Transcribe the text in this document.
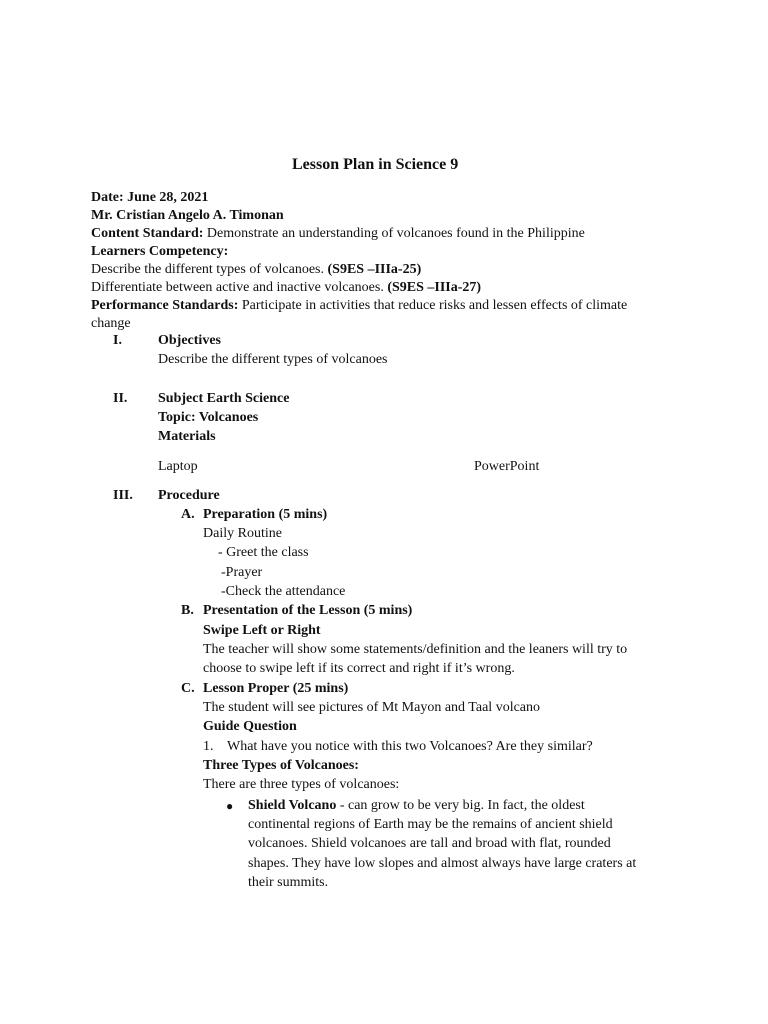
Lesson Plan in Science 9
Date: June 28, 2021
Mr. Cristian Angelo A. Timonan
Content Standard: Demonstrate an understanding of volcanoes found in the Philippine
Learners Competency:
Describe the different types of volcanoes. (S9ES –IIIa-25)
Differentiate between active and inactive volcanoes. (S9ES –IIIa-27)
Performance Standards: Participate in activities that reduce risks and lessen effects of climate
change
I.	Objectives
Describe the different types of volcanoes
II. Subject Earth Science
Topic: Volcanoes
Materials
Laptop	PowerPoint
III. Procedure
A. Preparation (5 mins)
Daily Routine
- Greet the class
-Prayer
-Check the attendance
B. Presentation of the Lesson (5 mins)
Swipe Left or Right
The teacher will show some statements/definition and the leaners will try to
choose to swipe left if its correct and right if it’s wrong.
C. Lesson Proper (25 mins)
The student will see pictures of Mt Mayon and Taal volcano
Guide Question
1. What have you notice with this two Volcanoes? Are they similar?
Three Types of Volcanoes:
There are three types of volcanoes:
● Shield Volcano - can grow to be very big. In fact, the oldest
continental regions of Earth may be the remains of ancient shield
volcanoes. Shield volcanoes are tall and broad with flat, rounded
shapes. They have low slopes and almost always have large craters at
their summits.
